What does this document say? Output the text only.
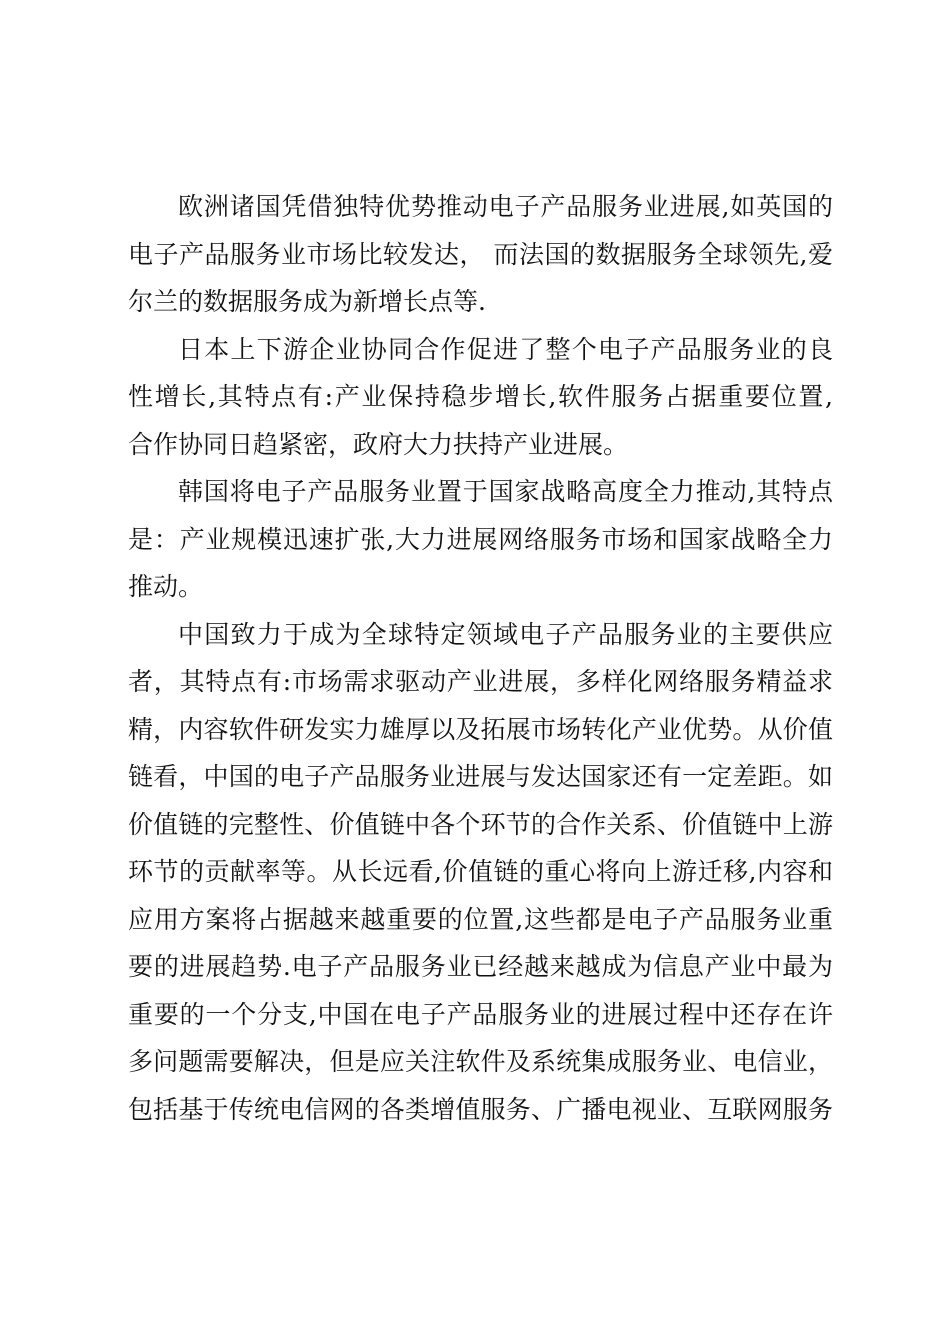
欧洲诸国凭借独特优势推动电子产品服务业进展,如英国的
电子产品服务业市场比较发达， 而法国的数据服务全球领先,爱
尔兰的数据服务成为新增长点等.
日本上下游企业协同合作促进了整个电子产品服务业的良
性增长,其特点有:产业保持稳步增长,软件服务占据重要位置,
合作协同日趋紧密，政府大力扶持产业进展。
韩国将电子产品服务业置于国家战略高度全力推动,其特点
是：产业规模迅速扩张,大力进展网络服务市场和国家战略全力
推动。
中国致力于成为全球特定领域电子产品服务业的主要供应
者，其特点有:市场需求驱动产业进展，多样化网络服务精益求
精，内容软件研发实力雄厚以及拓展市场转化产业优势。从价值
链看，中国的电子产品服务业进展与发达国家还有一定差距。如
价值链的完整性、价值链中各个环节的合作关系、价值链中上游
环节的贡献率等。从长远看,价值链的重心将向上游迁移,内容和
应用方案将占据越来越重要的位置,这些都是电子产品服务业重
要的进展趋势.电子产品服务业已经越来越成为信息产业中最为
重要的一个分支,中国在电子产品服务业的进展过程中还存在许
多问题需要解决，但是应关注软件及系统集成服务业、电信业，
包括基于传统电信网的各类增值服务、广播电视业、互联网服务
